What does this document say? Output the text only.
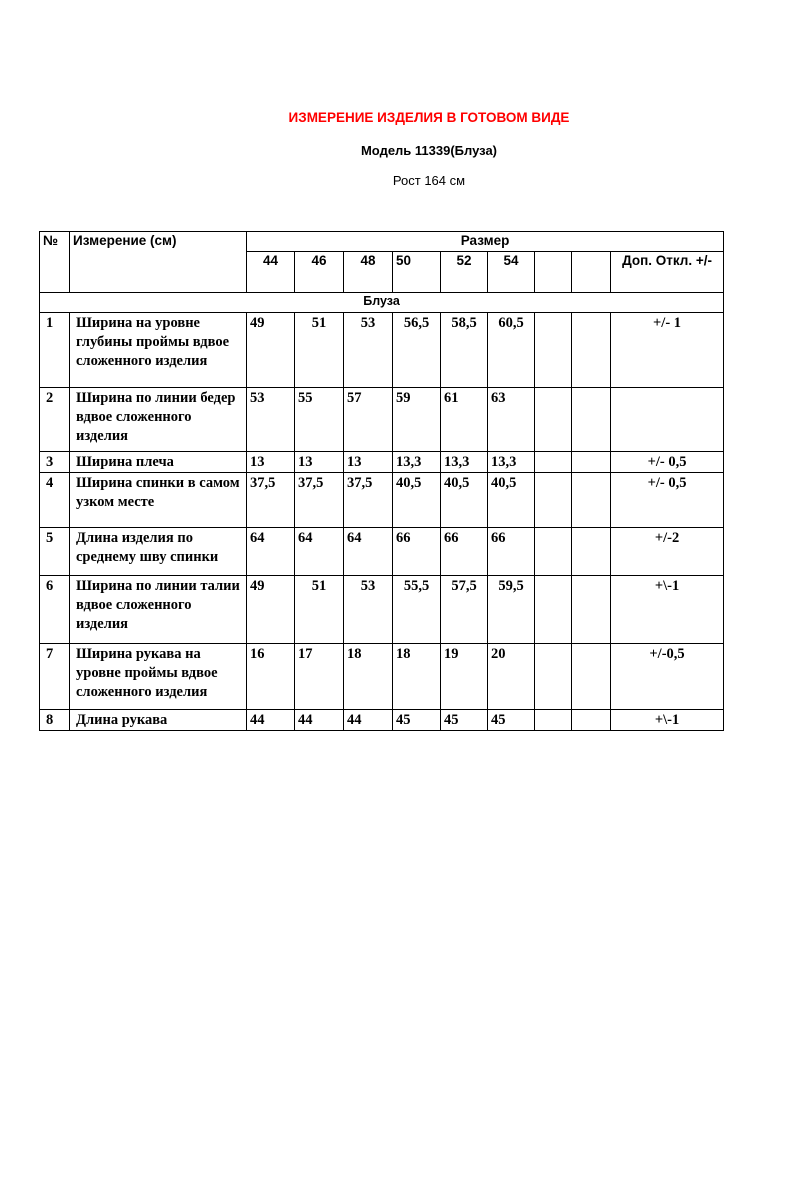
ИЗМЕРЕНИЕ ИЗДЕЛИЯ В ГОТОВОМ ВИДЕ
Модель 11339(Блуза)
Рост 164 см
№	Измерение (см)	Размер								
		44	46	48	50	52	54			Доп. Откл. +/-
Блуза										
1	Ширина на уровне глубины проймы вдвое сложенного изделия	49	51	53	56,5	58,5	60,5			+/- 1
2	Ширина по линии бедер вдвое сложенного изделия	53	55	57	59	61	63			
3	Ширина плеча	13	13	13	13,3	13,3	13,3			+/- 0,5
4	Ширина спинки в самом узком месте	37,5	37,5	37,5	40,5	40,5	40,5			+/- 0,5
5	Длина изделия по среднему шву спинки	64	64	64	66	66	66			+/-2
6	Ширина по линии талии вдвое сложенного изделия	49	51	53	55,5	57,5	59,5			+\-1
7	Ширина рукава на уровне проймы вдвое сложенного изделия	16	17	18	18	19	20			+/-0,5
8	Длина рукава	44	44	44	45	45	45			+\-1
